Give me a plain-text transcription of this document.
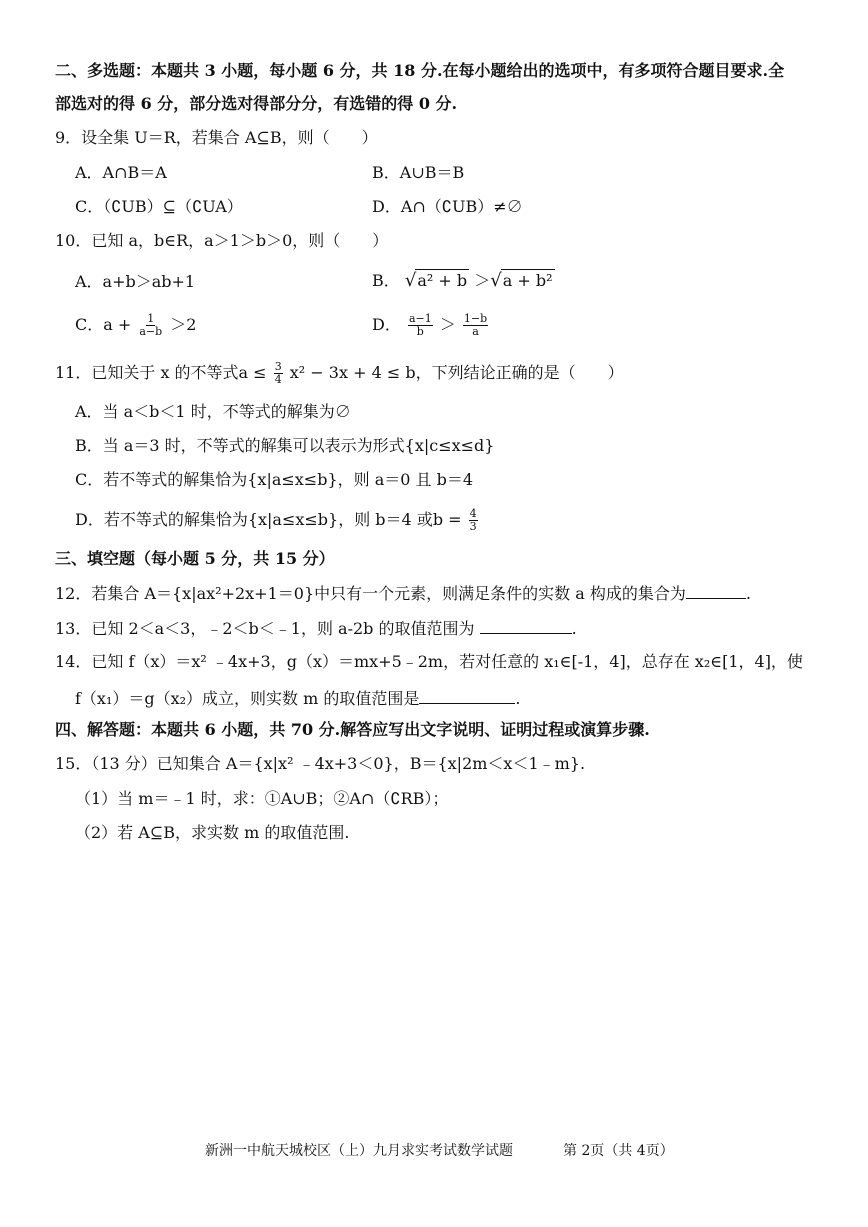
二、多选题：本题共 3 小题，每小题 6 分，共 18 分.在每小题给出的选项中，有多项符合题目要求.全
部选对的得 6 分，部分选对得部分分，有选错的得 0 分.
9．设全集 U＝R，若集合 A⊆B，则（　　）
A．A∩B＝A	B．A∪B＝B
C．（∁UB）⊆（∁UA）	D．A∩（∁UB）≠∅
10．已知 a，b∈R，a＞1＞b＞0，则（　　）
A．a+b＞ab+1	B． √a² + b ＞√a + b²
C．$a + \frac{1}{a-b} >2$	D． $\frac{a-1}{b} > \frac{1-b}{a}$
11．已知关于 x 的不等式$a \le \frac{3}{4} x^2 - 3x + 4 \le b$，下列结论正确的是（　　）
A．当 a＜b＜1 时，不等式的解集为∅
B．当 a＝3 时，不等式的解集可以表示为形式{x|c≤x≤d}
C．若不等式的解集恰为{x|a≤x≤b}，则 a＝0 且 b＝4
D．若不等式的解集恰为{x|a≤x≤b}，则 b＝4 或$b = \frac{4}{3}$
三、填空题（每小题 5 分，共 15 分）
12．若集合 A＝{x|ax²+2x+1＝0}中只有一个元素，则满足条件的实数 a 构成的集合为	.
13．已知 2＜a＜3，﹣2＜b＜﹣1，则 a-2b 的取值范围为	.
14．已知 f（x）＝x² ﹣4x+3，g（x）＝mx+5﹣2m，若对任意的 x₁∈[-1，4]，总存在 x₂∈[1，4]，使
f（x₁）＝g（x₂）成立，则实数 m 的取值范围是	.
四、解答题：本题共 6 小题，共 70 分.解答应写出文字说明、证明过程或演算步骤.
15．（13 分）已知集合 A＝{x|x² ﹣4x+3＜0}，B＝{x|2m＜x＜1﹣m}.
（1）当 m＝﹣1 时，求：①A∪B；②A∩（∁RB）；
（2）若 A⊆B，求实数 m 的取值范围.
新洲一中航天城校区（上）九月求实考试数学试题	第 2页（共 4页）
